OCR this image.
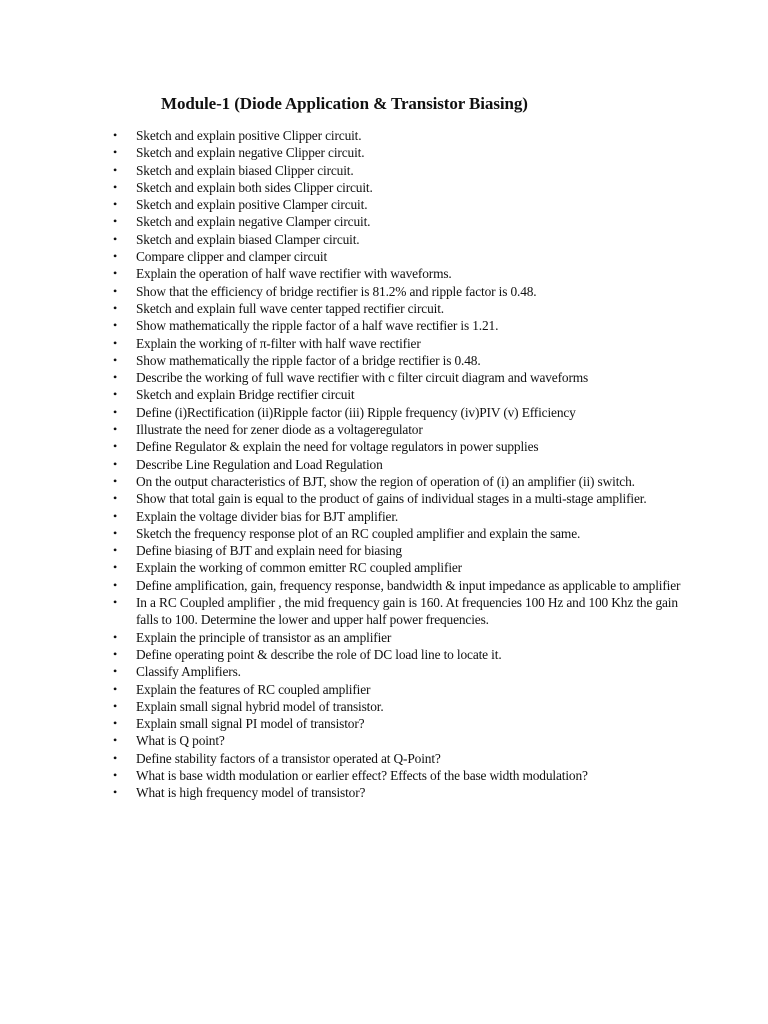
Module-1 (Diode Application & Transistor Biasing)
• Sketch and explain positive Clipper circuit.
• Sketch and explain negative Clipper circuit.
• Sketch and explain biased Clipper circuit.
• Sketch and explain both sides Clipper circuit.
• Sketch and explain positive Clamper circuit.
• Sketch and explain negative Clamper circuit.
• Sketch and explain biased Clamper circuit.
• Compare clipper and clamper circuit
• Explain the operation of half wave rectifier with waveforms.
• Show that the efficiency of bridge rectifier is 81.2% and ripple factor is 0.48.
• Sketch and explain full wave center tapped rectifier circuit.
• Show mathematically the ripple factor of a half wave rectifier is 1.21.
• Explain the working of π-filter with half wave rectifier
• Show mathematically the ripple factor of a bridge rectifier is 0.48.
• Describe the working of full wave rectifier with c filter circuit diagram and waveforms
• Sketch and explain Bridge rectifier circuit
• Define (i)Rectification (ii)Ripple factor (iii) Ripple frequency (iv)PIV (v) Efficiency
• Illustrate the need for zener diode as a voltageregulator
• Define Regulator & explain the need for voltage regulators in power supplies
• Describe Line Regulation and Load Regulation
• On the output characteristics of BJT, show the region of operation of (i) an amplifier (ii) switch.
• Show that total gain is equal to the product of gains of individual stages in a multi-stage amplifier.
• Explain the voltage divider bias for BJT amplifier.
• Sketch the frequency response plot of an RC coupled amplifier and explain the same.
• Define biasing of BJT and explain need for biasing
• Explain the working of common emitter RC coupled amplifier
• Define amplification, gain, frequency response, bandwidth & input impedance as applicable to amplifier
• In a RC Coupled amplifier , the mid frequency gain is 160. At frequencies 100 Hz and 100 Khz the gain falls to 100. Determine the lower and upper half power frequencies.
• Explain the principle of transistor as an amplifier
• Define operating point & describe the role of DC load line to locate it.
• Classify Amplifiers.
• Explain the features of RC coupled amplifier
• Explain small signal hybrid model of transistor.
• Explain small signal PI model of transistor?
• What is Q point?
• Define stability factors of a transistor operated at Q-Point?
• What is base width modulation or earlier effect? Effects of the base width modulation?
• What is high frequency model of transistor?
